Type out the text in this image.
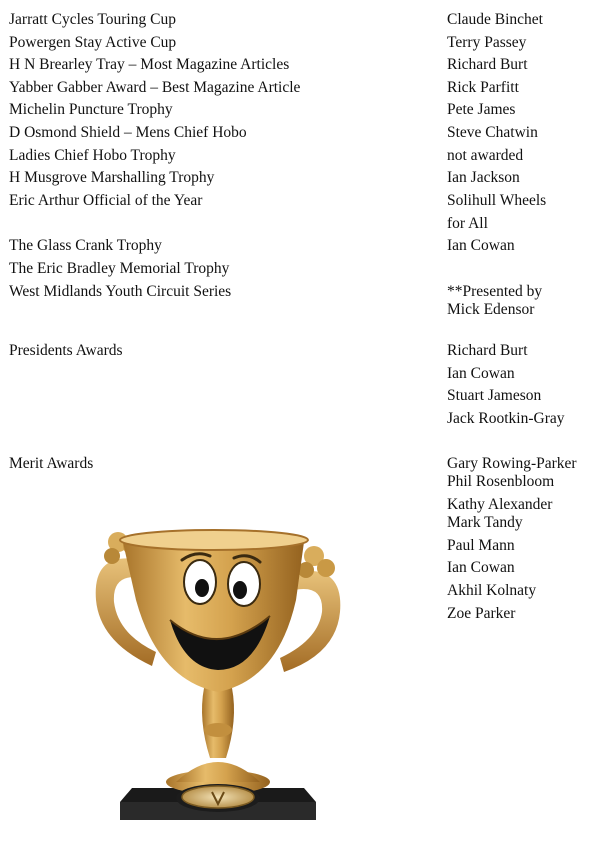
Jarratt Cycles Touring Cup
Powergen Stay Active Cup
H N Brearley Tray – Most Magazine Articles
Yabber Gabber Award – Best Magazine Article
Michelin Puncture Trophy
D Osmond Shield – Mens Chief Hobo
Ladies Chief Hobo Trophy
H Musgrove Marshalling Trophy
Eric Arthur Official of the Year
The Glass Crank Trophy
The Eric Bradley Memorial Trophy
West Midlands Youth Circuit Series
Claude Binchet
Terry Passey
Richard Burt
Rick Parfitt
Pete James
Steve Chatwin
not awarded
Ian Jackson
Solihull Wheels
for All
Ian Cowan
**Presented by
Mick Edensor
Presidents Awards	Richard Burt
Ian Cowan
Stuart Jameson
Jack Rootkin-Gray
Merit Awards	Gary Rowing-Parker
Phil Rosenbloom
Kathy Alexander
Mark Tandy
Paul Mann
Ian Cowan
Akhil Kolnaty
Zoe Parker
